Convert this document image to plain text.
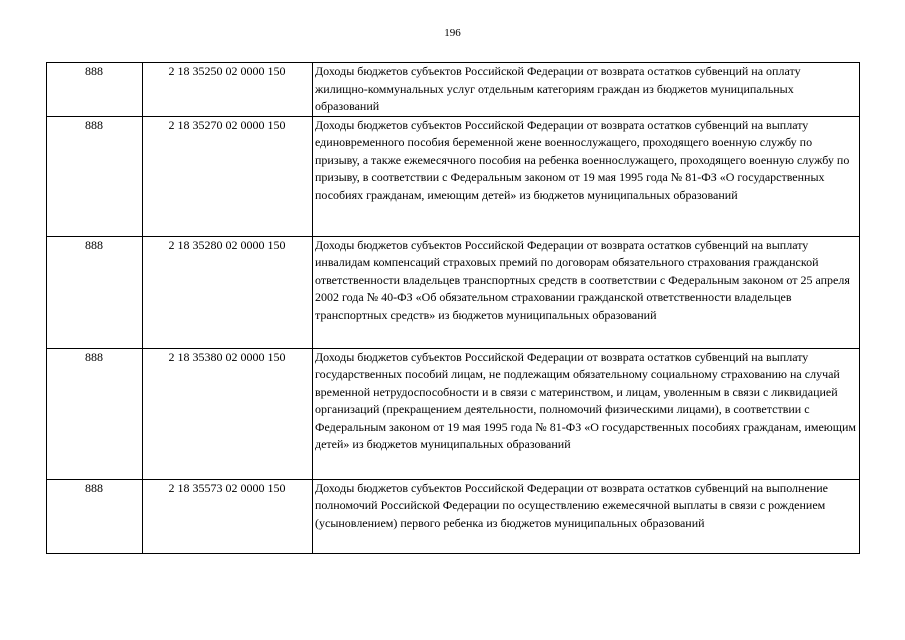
196
888	2 18 35250 02 0000 150	Доходы бюджетов субъектов Российской Федерации от возврата остатков субвенций на оплату жилищно-коммунальных услуг отдельным категориям граждан из бюджетов муниципальных образований
888	2 18 35270 02 0000 150	Доходы бюджетов субъектов Российской Федерации от возврата остатков субвенций на выплату единовременного пособия беременной жене военнослужащего, проходящего военную службу по призыву, а также ежемесячного пособия на ребенка военнослужащего, проходящего военную службу по призыву, в соответствии с Федеральным законом от 19 мая 1995 года № 81-ФЗ «О государственных пособиях гражданам, имеющим детей» из бюджетов муниципальных образований
888	2 18 35280 02 0000 150	Доходы бюджетов субъектов Российской Федерации от возврата остатков субвенций на выплату инвалидам компенсаций страховых премий по договорам обязательного страхования гражданской ответственности владельцев транспортных средств в соответствии с Федеральным законом от 25 апреля 2002 года № 40-ФЗ «Об обязательном страховании гражданской ответственности владельцев транспортных средств» из бюджетов муниципальных образований
888	2 18 35380 02 0000 150	Доходы бюджетов субъектов Российской Федерации от возврата остатков субвенций на выплату государственных пособий лицам, не подлежащим обязательному социальному страхованию на случай временной нетрудоспособности и в связи с материнством, и лицам, уволенным в связи с ликвидацией организаций (прекращением деятельности, полномочий физическими лицами), в соответствии с Федеральным законом от 19 мая 1995 года № 81-ФЗ «О государственных пособиях гражданам, имеющим детей» из бюджетов муниципальных образований
888	2 18 35573 02 0000 150	Доходы бюджетов субъектов Российской Федерации от возврата остатков субвенций на выполнение полномочий Российской Федерации по осуществлению ежемесячной выплаты в связи с рождением (усыновлением) первого ребенка из бюджетов муниципальных образований
